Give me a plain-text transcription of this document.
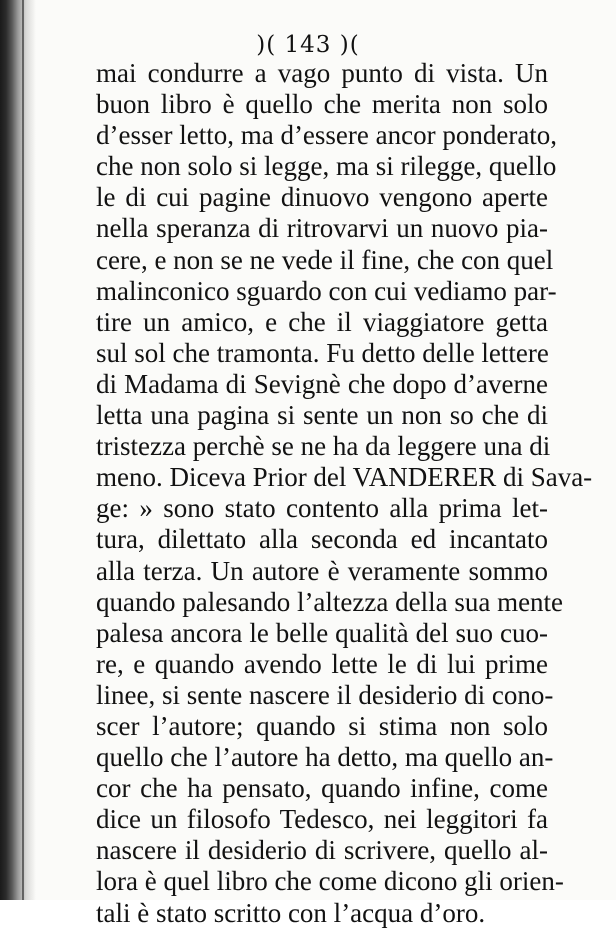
)( 143 )(
mai condurre a vago punto di vista. Un
buon libro è quello che merita non solo
d’esser letto, ma d’essere ancor ponderato,
che non solo si legge, ma si rilegge, quello
le di cui pagine dinuovo vengono aperte
nella speranza di ritrovarvi un nuovo pia-
cere, e non se ne vede il fine, che con quel
malinconico sguardo con cui vediamo par-
tire un amico, e che il viaggiatore getta
sul sol che tramonta. Fu detto delle lettere
di Madama di Sevignè che dopo d’averne
letta una pagina si sente un non so che di
tristezza perchè se ne ha da leggere una di
meno. Diceva Prior del VANDERER di Sava-
ge: » sono stato contento alla prima let-
tura, dilettato alla seconda ed incantato
alla terza. Un autore è veramente sommo
quando palesando l’altezza della sua mente
palesa ancora le belle qualità del suo cuo-
re, e quando avendo lette le di lui prime
linee, si sente nascere il desiderio di cono-
scer l’autore; quando si stima non solo
quello che l’autore ha detto, ma quello an-
cor che ha pensato, quando infine, come
dice un filosofo Tedesco, nei leggitori fa
nascere il desiderio di scrivere, quello al-
lora è quel libro che come dicono gli orien-
tali è stato scritto con l’acqua d’oro.
